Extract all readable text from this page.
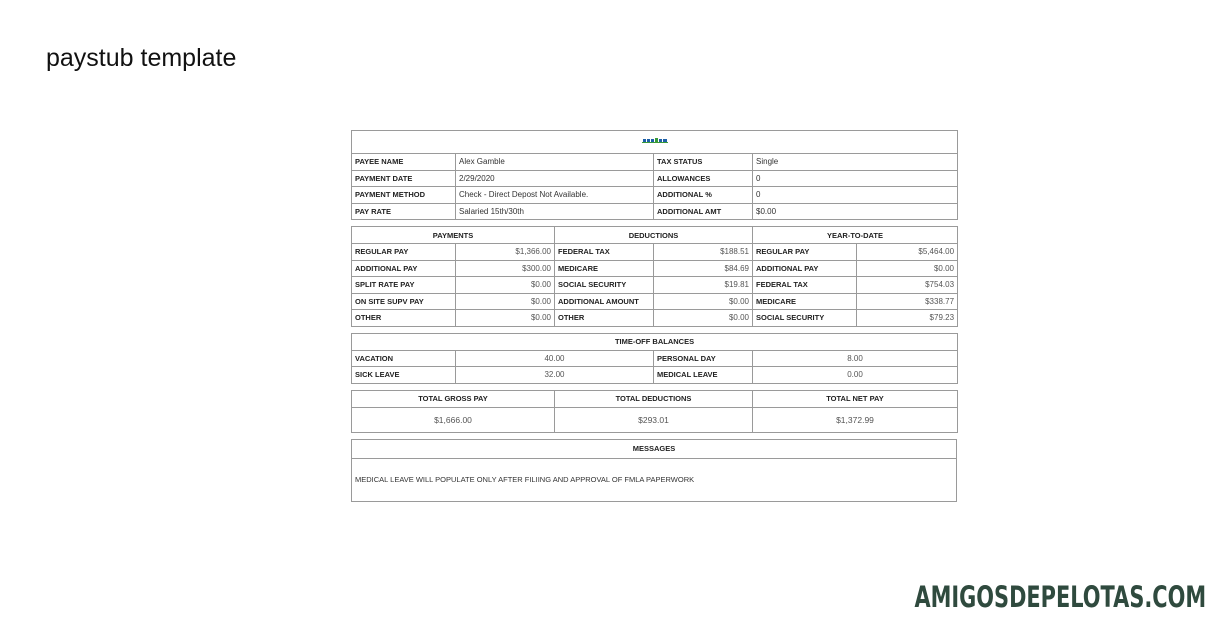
paystub template

PAYEE NAME	Alex Gamble	TAX STATUS	Single
PAYMENT DATE	2/29/2020	ALLOWANCES	0
PAYMENT METHOD	Check - Direct Depost Not Available.	ADDITIONAL %	0
PAY RATE	Salaried 15th/30th	ADDITIONAL AMT	$0.00
PAYMENTS		DEDUCTIONS		YEAR-TO-DATE	
REGULAR PAY	$1,366.00	FEDERAL TAX	$188.51	REGULAR PAY	$5,464.00
ADDITIONAL PAY	$300.00	MEDICARE	$84.69	ADDITIONAL PAY	$0.00
SPLIT RATE PAY	$0.00	SOCIAL SECURITY	$19.81	FEDERAL TAX	$754.03
ON SITE SUPV PAY	$0.00	ADDITIONAL AMOUNT	$0.00	MEDICARE	$338.77
OTHER	$0.00	OTHER	$0.00	SOCIAL SECURITY	$79.23
TIME-OFF BALANCES			
VACATION	40.00	PERSONAL DAY	8.00
SICK LEAVE	32.00	MEDICAL LEAVE	0.00
TOTAL GROSS PAY	TOTAL DEDUCTIONS	TOTAL NET PAY
$1,666.00	$293.01	$1,372.99
MESSAGES
MEDICAL LEAVE WILL POPULATE ONLY AFTER FILIING AND APPROVAL OF FMLA PAPERWORK
AMIGOSDEPELOTAS.COM
